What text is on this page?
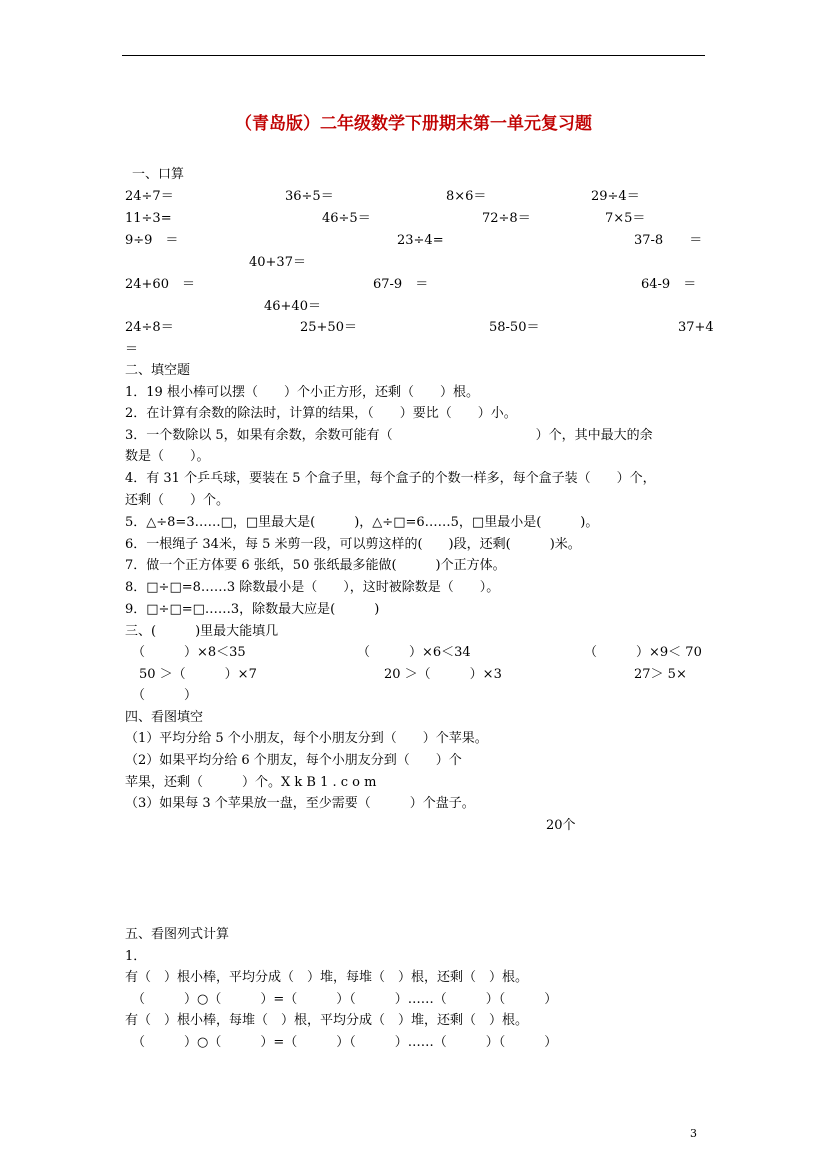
（青岛版）二年级数学下册期末第一单元复习题
一、口算
24÷7＝	36÷5＝	8×6＝	29÷4＝
11÷3=	46÷5＝	72÷8＝	7×5＝
9÷9　＝	23÷4=	37-8　　＝
40+37＝
24+60　＝	67-9　＝	64-9　＝
46+40＝
24÷8＝	25+50＝	58-50＝	37+4
＝
二、填空题
1．19 根小棒可以摆（　　）个小正方形，还剩（　　）根。
2．在计算有余数的除法时，计算的结果，（　　）要比（　　）小。
3．一个数除以 5，如果有余数，余数可能有（　　　　　　　　　　　）个，其中最大的余
数是（　　）。
4．有 31 个乒乓球，要装在 5 个盒子里，每个盒子的个数一样多，每个盒子装（　　）个，
还剩（　　）个。
5．△÷8=3……□，□里最大是(　　　)，△÷□=6……5，□里最小是(　　　)。
6．一根绳子 34米，每 5 米剪一段，可以剪这样的(　　)段，还剩(　　　)米。
7．做一个正方体要 6 张纸，50 张纸最多能做(　　　)个正方体。
8．□÷□=8……3 除数最小是（　　），这时被除数是（　　）。
9．□÷□=□……3，除数最大应是(　　　)
三、(　　　)里最大能填几
（　　　）×8＜35	（　　　）×6＜34	（　　　）×9＜ 70
50 ＞（　　　）×7	20 ＞（　　　）×3	27＞ 5×
（　　　）
四、看图填空
（1）平均分给 5 个小朋友，每个小朋友分到（　　）个苹果。
（2）如果平均分给 6 个朋友，每个小朋友分到（　　）个
苹果，还剩（　　　）个。X k B 1 . c o m
（3）如果每 3 个苹果放一盘，至少需要（　　　）个盘子。
20个
五、看图列式计算
1．
有（　）根小棒，平均分成（　）堆，每堆（　）根，还剩（　）根。
（　　　）○（　　　）=（　　　）（　　　）……（　　　）（　　　）
有（　）根小棒，每堆（　）根，平均分成（　）堆，还剩（　）根。
（　　　）○（　　　）=（　　　）（　　　）……（　　　）（　　　）
3
